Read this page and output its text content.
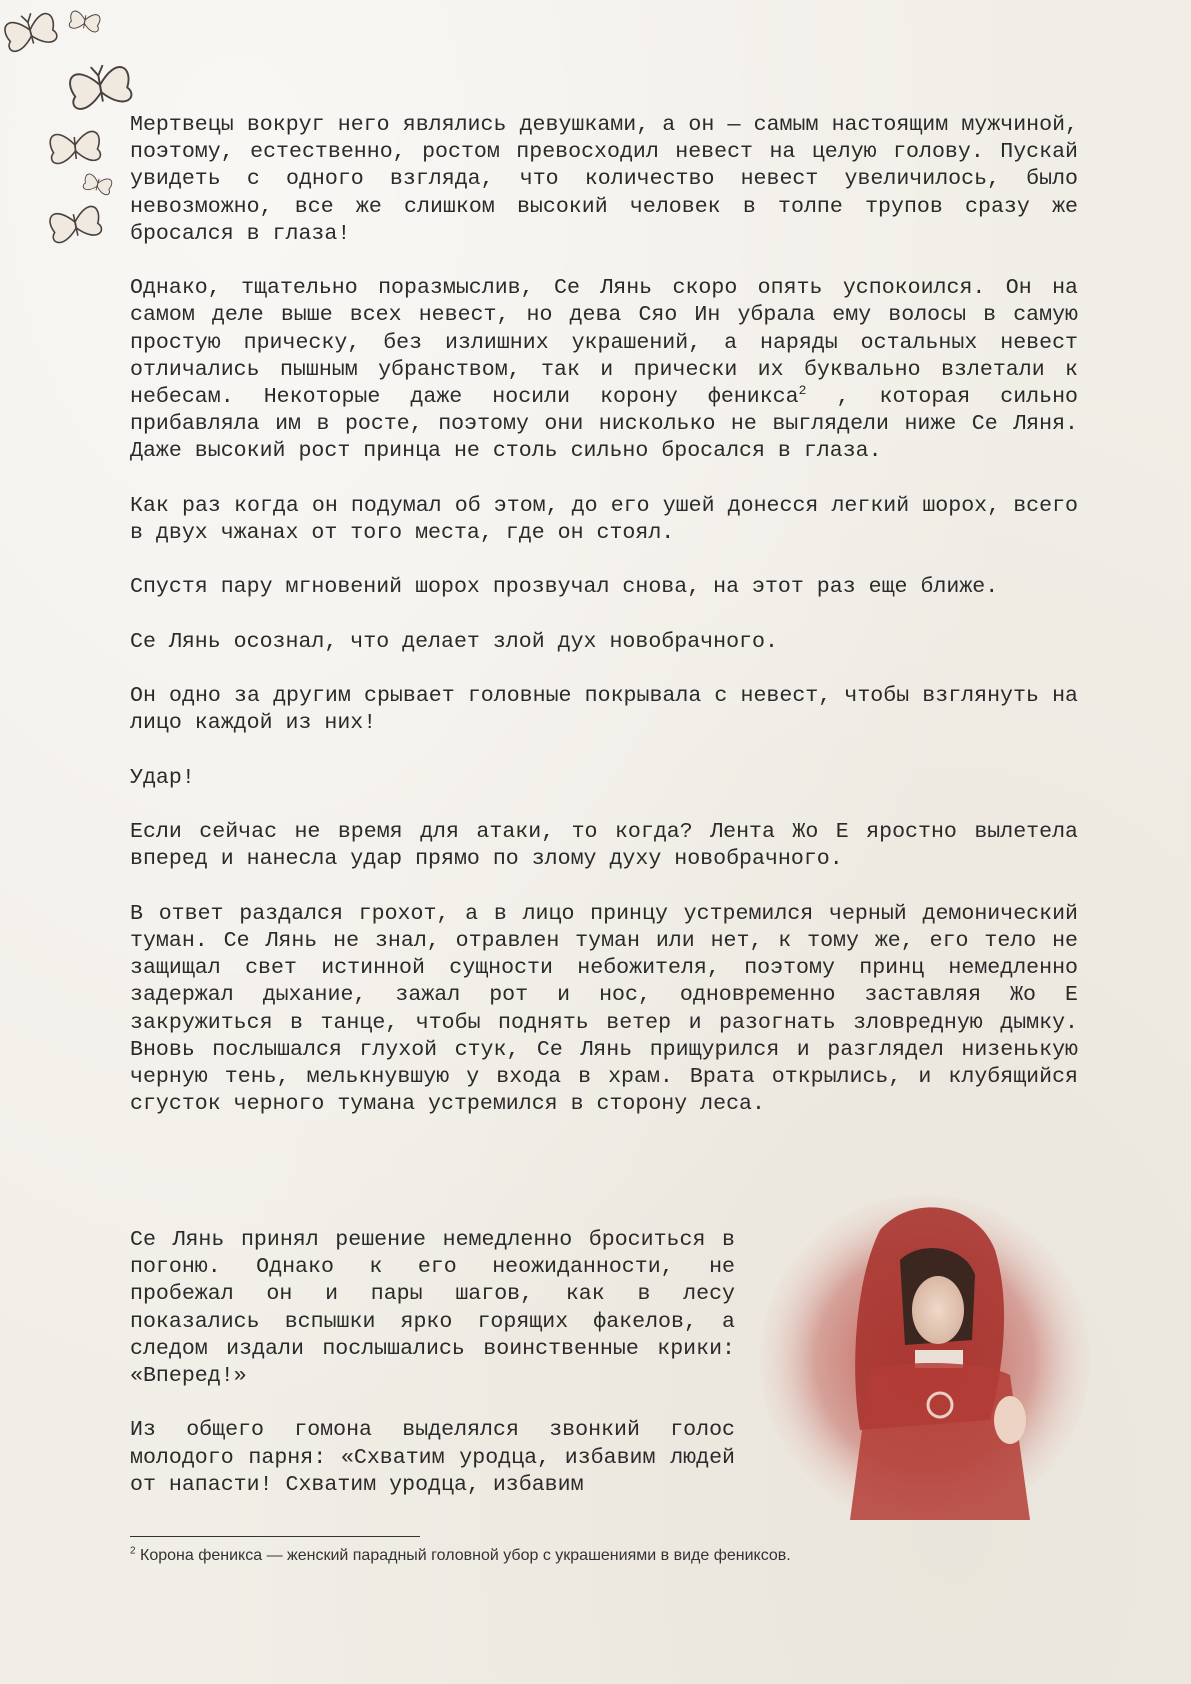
Мертвецы вокруг него являлись девушками, а он — самым настоящим мужчиной, поэтому, естественно, ростом превосходил невест на целую голову. Пускай увидеть с одного взгляда, что количество невест увеличилось, было невозможно, все же слишком высокий человек в толпе трупов сразу же бросался в глаза!

Однако, тщательно поразмыслив, Се Лянь скоро опять успокоился. Он на самом деле выше всех невест, но дева Сяо Ин убрала ему волосы в самую простую прическу, без излишних украшений, а наряды остальных невест отличались пышным убранством, так и прически их буквально взлетали к небесам. Некоторые даже носили корону феникса$^2$ , которая сильно прибавляла им в росте, поэтому они нисколько не выглядели ниже Се Ляня. Даже высокий рост принца не столь сильно бросался в глаза.

Как раз когда он подумал об этом, до его ушей донесся легкий шорох, всего в двух чжанах от того места, где он стоял.

Спустя пару мгновений шорох прозвучал снова, на этот раз еще ближе.

Се Лянь осознал, что делает злой дух новобрачного.

Он одно за другим срывает головные покрывала с невест, чтобы взглянуть на лицо каждой из них!

Удар!

Если сейчас не время для атаки, то когда? Лента Жо Е яростно вылетела вперед и нанесла удар прямо по злому духу новобрачного.

В ответ раздался грохот, а в лицо принцу устремился черный демонический туман. Се Лянь не знал, отравлен туман или нет, к тому же, его тело не защищал свет истинной сущности небожителя, поэтому принц немедленно задержал дыхание, зажал рот и нос, одновременно заставляя Жо Е закружиться в танце, чтобы поднять ветер и разогнать зловредную дымку. Вновь послышался глухой стук, Се Лянь прищурился и разглядел низенькую черную тень, мелькнувшую у входа в храм. Врата открылись, и клубящийся сгусток черного тумана устремился в сторону леса.

Се Лянь принял решение немедленно броситься в погоню. Однако к его неожиданности, не пробежал он и пары шагов, как в лесу показались вспышки ярко горящих факелов, а следом издали послышались воинственные крики: «Вперед!»

Из общего гомона выделялся звонкий голос молодого парня: «Схватим уродца, избавим людей от напасти! Схватим уродца, избавим

$^2$ Корона феникса — женский парадный головной убор с украшениями в виде фениксов.
